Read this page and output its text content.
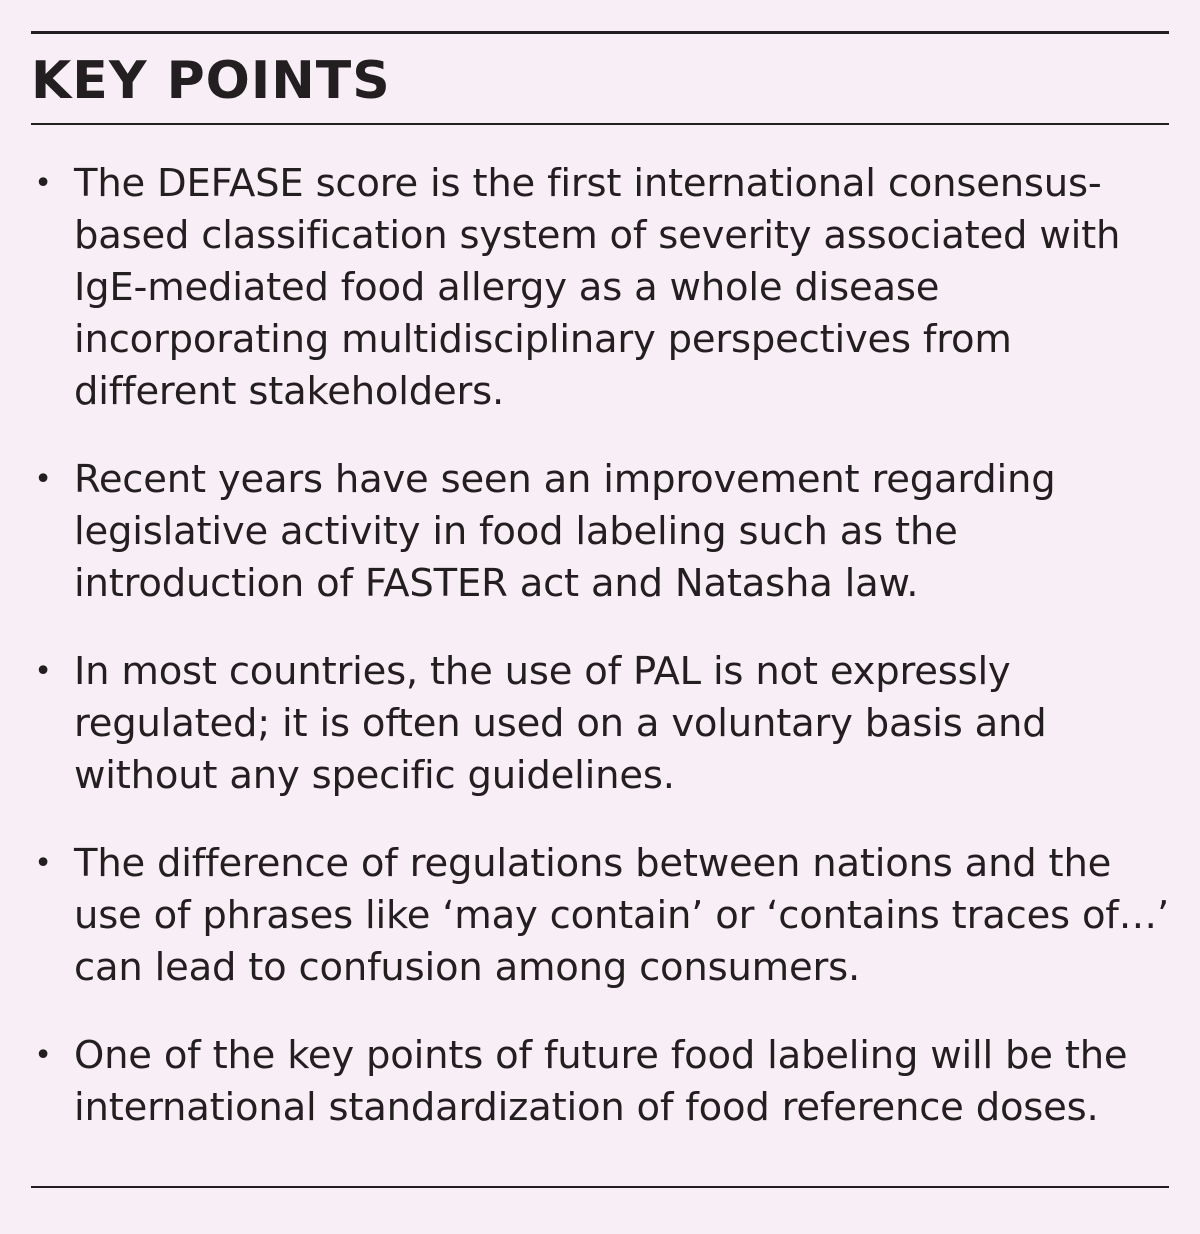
KEY POINTS
• The DEFASE score is the first international consensus-based classification system of severity associated with IgE-mediated food allergy as a whole disease incorporating multidisciplinary perspectives from different stakeholders.
• Recent years have seen an improvement regarding legislative activity in food labeling such as the introduction of FASTER act and Natasha law.
• In most countries, the use of PAL is not expressly regulated; it is often used on a voluntary basis and without any specific guidelines.
• The difference of regulations between nations and the use of phrases like ‘may contain’ or ‘contains traces of…’ can lead to confusion among consumers.
• One of the key points of future food labeling will be the international standardization of food reference doses.
